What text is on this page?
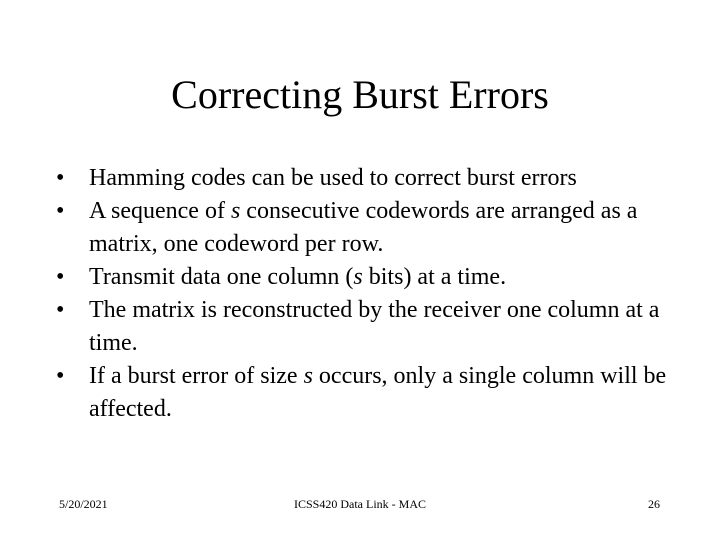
Correcting Burst Errors
•	Hamming codes can be used to correct burst errors
•	A sequence of s consecutive codewords are arranged as a matrix, one codeword per row.
•	Transmit data one column (s bits) at a time.
•	The matrix is reconstructed by the receiver one column at a time.
•	If a burst error of size s occurs, only a single column will be affected.
5/20/2021	ICSS420 Data Link - MAC	26
